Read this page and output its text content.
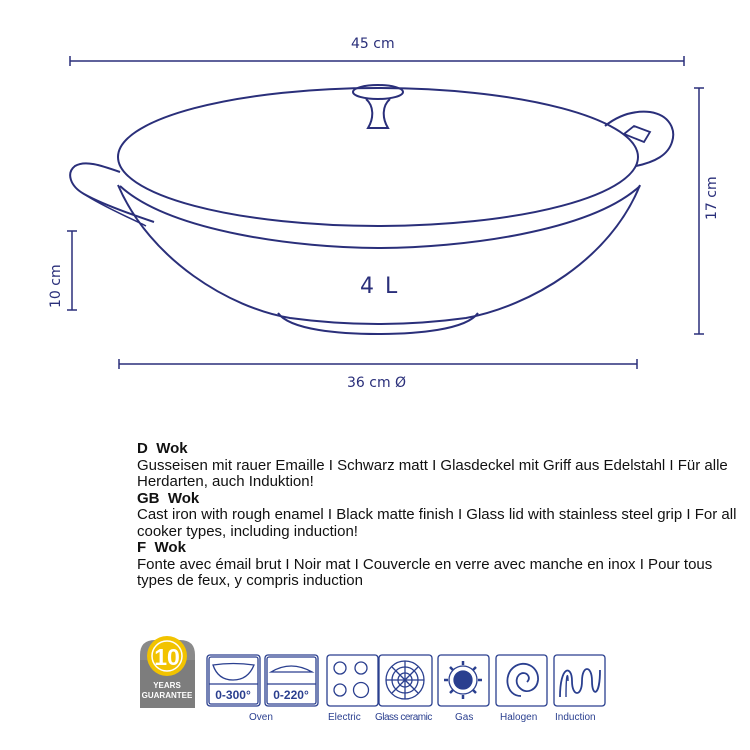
45 cm
17 cm
10 cm
36 cm Ø
4 L
D Wok
Gusseisen mit rauer Emaille I Schwarz matt I Glasdeckel mit Griff aus Edelstahl I Für alle Herdarten, auch Induktion!
GB Wok
Cast iron with rough enamel I Black matte finish I Glass lid with stainless steel grip I For all cooker types, including induction!
F Wok
Fonte avec émail brut I Noir mat I Couvercle en verre avec manche en inox I Pour tous types de feux, y compris induction
10
YEARS
GUARANTEE 0-300° 0-220°
Oven	Electric Glass ceramic Gas	Halogen Induction
